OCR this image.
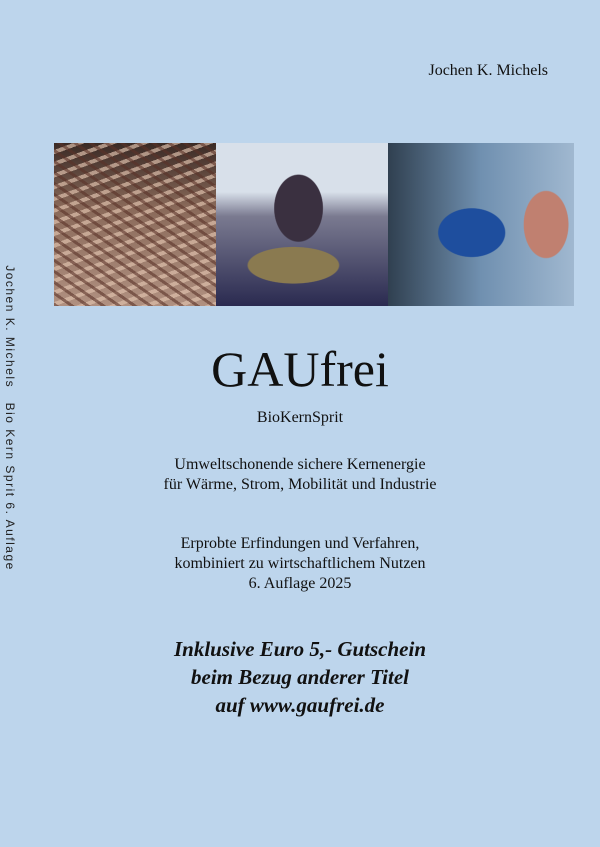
Jochen K. Michels   Bio Kern Sprit 6. Auflage
Jochen K. Michels
GAUfrei
BioKernSprit
Umweltschonende sichere Kernenergie
für Wärme, Strom, Mobilität und Industrie
Erprobte Erfindungen und Verfahren,
kombiniert zu wirtschaftlichem Nutzen
6. Auflage 2025
Inklusive Euro 5,- Gutschein
beim Bezug anderer Titel
auf www.gaufrei.de
